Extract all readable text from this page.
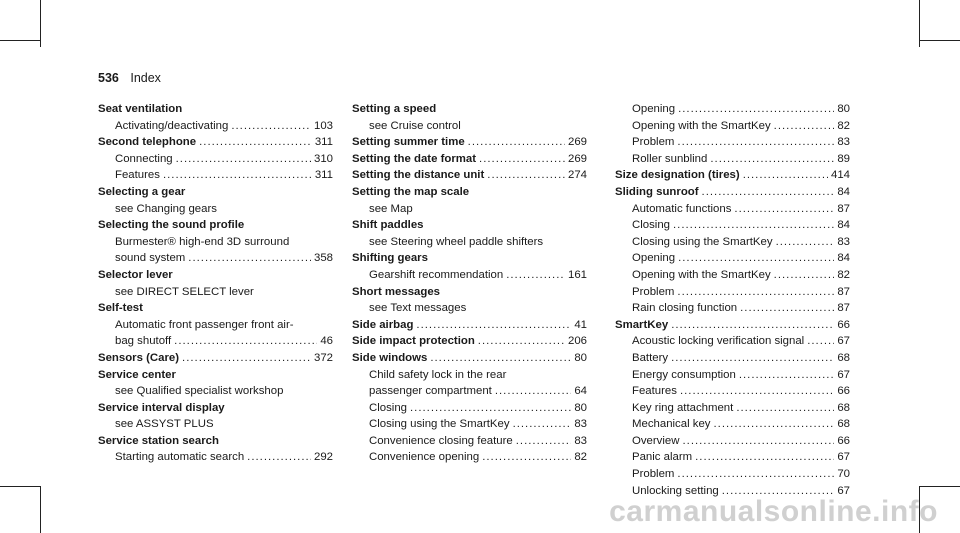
536 Index
Seat ventilation
Activating/deactivating .....	103
Second telephone .....	311
Connecting .....	310
Features .....	311
Selecting a gear
see Changing gears
Selecting the sound profile
Burmester® high-end 3D surround
sound system .....	358
Selector lever
see DIRECT SELECT lever
Self-test
Automatic front passenger front air-
bag shutoff .....	46
Sensors (Care) .....	372
Service center
see Qualified specialist workshop
Service interval display
see ASSYST PLUS
Service station search
Starting automatic search .....	292
Setting a speed
see Cruise control
Setting summer time .....	269
Setting the date format .....	269
Setting the distance unit .....	274
Setting the map scale
see Map
Shift paddles
see Steering wheel paddle shifters
Shifting gears
Gearshift recommendation .....	161
Short messages
see Text messages
Side airbag .....	41
Side impact protection .....	206
Side windows .....	80
Child safety lock in the rear
passenger compartment .....	64
Closing .....	80
Closing using the SmartKey .....	83
Convenience closing feature .....	83
Convenience opening .....	82
Opening .....	80
Opening with the SmartKey .....	82
Problem .....	83
Roller sunblind .....	89
Size designation (tires) .....	414
Sliding sunroof .....	84
Automatic functions .....	87
Closing .....	84
Closing using the SmartKey .....	83
Opening .....	84
Opening with the SmartKey .....	82
Problem .....	87
Rain closing function .....	87
SmartKey .....	66
Acoustic locking verification signal .....	67
Battery .....	68
Energy consumption .....	67
Features .....	66
Key ring attachment .....	68
Mechanical key .....	68
Overview .....	66
Panic alarm .....	67
Problem .....	70
Unlocking setting .....	67
carmanualsonline.info
